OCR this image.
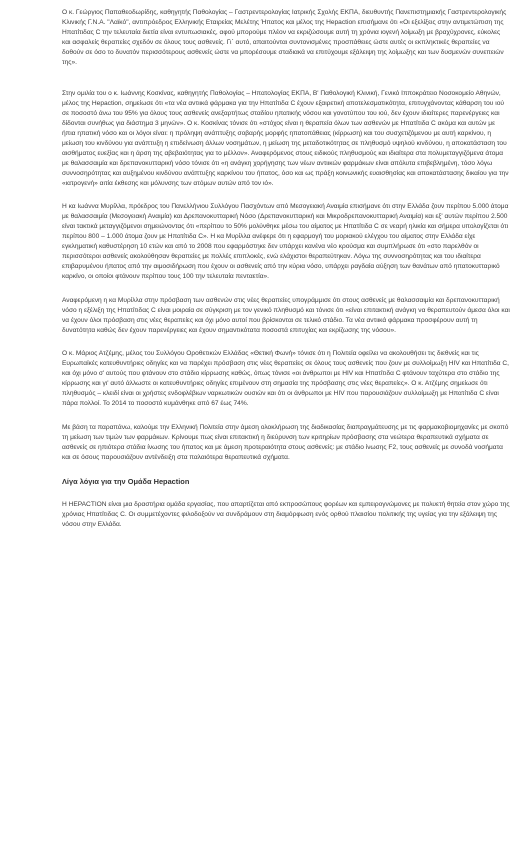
Ο κ. Γεώργιος Παπαθεοδωρίδης, καθηγητής Παθολογίας – Γαστρεντερολογίας Ιατρικής Σχολής ΕΚΠΑ, διευθυντής Πανεπιστημιακής Γαστρεντερολογικής Κλινικής Γ.Ν.Α. "Λαϊκό", αντιπρόεδρος Ελληνικής Εταιρείας Μελέτης Ήπατος και μέλος της Hepaction επισήμανε ότι «Οι εξελίξεις στην αντιμετώπιση της Ηπατίτιδας C την τελευταία διετία είναι εντυπωσιακές, αφού μπορούμε πλέον να εκριζώσουμε αυτή τη χρόνια ιογενή λοίμωξη με βραχύχρονες, εύκολες και ασφαλείς θεραπείες σχεδόν σε όλους τους ασθενείς. Γι΄ αυτό, απαιτούνται συντονισμένες προσπάθειες ώστε αυτές οι εκπληκτικές θεραπείες να δοθούν σε όσο το δυνατόν περισσότερους ασθενείς ώστε να μπορέσουμε σταδιακά να επιτύχουμε εξάλειψη της λοίμωξης και των δυσμενών συνεπειών της».

Στην ομιλία του ο κ. Ιωάννης Κοσκίνας, καθηγητής Παθολογίας – Ηπατολογίας ΕΚΠΑ, Β' Παθολογική Κλινική, Γενικό Ιπποκράτειο Νοσοκομείο Αθηνών, μέλος της Hepaction, σημείωσε ότι «τα νέα αντιικά φάρμακα για την Ηπατίτιδα C έχουν εξαιρετική αποτελεσματικότητα, επιτυγχάνοντας κάθαρση του ιού σε ποσοστό άνω του 95% για όλους τους ασθενείς ανεξαρτήτως σταδίου ηπατικής νόσου και γονοτύπου του ιού, δεν έχουν ιδιαίτερες παρενέργειες και δίδονται συνήθως για διάστημα 3 μηνών». Ο κ. Κοσκίνας τόνισε ότι «στόχος είναι η θεραπεία όλων των ασθενών με Ηπατίτιδα C ακόμα και αυτών με ήπια ηπατική νόσο και οι λόγοι είναι: η πρόληψη ανάπτυξης σοβαρής μορφής ηπατοπάθειας (κίρρωση) και του συσχετιζόμενου με αυτή καρκίνου, η μείωση του κινδύνου για ανάπτυξη η επιδείνωση άλλων νοσημάτων, η μείωση της μεταδοτικότητας σε πληθυσμό υψηλού κινδύνου, η αποκατάσταση του αισθήματος ευεξίας και η άρση της αβεβαιότητας για το μέλλον». Αναφερόμενος στους ειδικούς πληθυσμούς και ιδιαίτερα στα πολυμεταγγιζόμενα άτομα με θαλασσαιμία και δρεπανοκυτταρική νόσο τόνισε ότι «η ανάγκη χορήγησης των νέων αντιικών φαρμάκων είναι απόλυτα επιβεβλημένη, τόσο λόγω συννοσηρότητας και αυξημένου κινδύνου ανάπτυξης καρκίνου του ήπατος, όσο και ως πράξη κοινωνικής ευαισθησίας και αποκατάστασης δικαίου για την «ιατρογενή» αιτία έκθεσης και μόλυνσης των ατόμων αυτών από τον ιό».

Η κα Ιωάννα Μυρίλλα, πρόεδρος του Πανελλήνιου Συλλόγου Πασχόντων από Μεσογειακή Αναιμία επισήμανε ότι στην Ελλάδα ζουν περίπου 5.000 άτομα με θαλασσαιμία (Μεσογειακή Αναιμία) και Δρεπανοκυτταρική Νόσο (Δρεπανοκυτταρική και Μικροδρεπανοκυτταρική Αναιμία) και εξ' αυτών περίπου 2.500 είναι τακτικά μεταγγιζόμενοι σημειώνοντας ότι «περίπου το 50% μολύνθηκε μέσω του αίματος με Ηπατίτιδα C σε νεαρή ηλικία και σήμερα υπολογίζεται ότι περίπου 800 – 1.000 άτομα ζουν με Ηπατίτιδα C». Η κα Μυρίλλα ανέφερε ότι η εφαρμογή του μοριακού ελέγχου του αίματος στην Ελλάδα είχε εγκληματική καθυστέρηση 10 ετών και από το 2008 που εφαρμόστηκε δεν υπάρχει κανένα νέο κρούσμα και συμπλήρωσε ότι «στο παρελθόν οι περισσότεροι ασθενείς ακολούθησαν θεραπείες με πολλές επιπλοκές, ενώ ελάχιστοι θεραπεύτηκαν. Λόγω της συννοσηρότητας και του ιδιαίτερα επιβαρυμένου ήπατος από την αιμοσιδήρωση που έχουν οι ασθενείς από την κύρια νόσο, υπάρχει ραγδαία αύξηση των θανάτων από ηπατοκυτταρικό καρκίνο, οι οποίοι φτάνουν περίπου τους 100 την τελευταία πενταετία».

Αναφερόμενη η κα Μυρίλλα στην πρόσβαση των ασθενών στις νέες θεραπείες υπογράμμισε ότι στους ασθενείς με θαλασσαιμία και δρεπανοκυτταρική νόσο η εξέλιξη της Ηπατίτιδας C είναι μοιραία σε σύγκριση με τον γενικό πληθυσμό και τόνισε ότι «είναι επιτακτική ανάγκη να θεραπευτούν άμεσα όλοι και να έχουν όλοι πρόσβαση στις νέες θεραπείες και όχι μόνο αυτοί που βρίσκονται σε τελικό στάδιο. Τα νέα αντιικά φάρμακα προσφέρουν αυτή τη δυνατότητα καθώς δεν έχουν παρενέργειες και έχουν σημαντικότατα ποσοστά επιτυχίας και εκρίζωσης της νόσου».

Ο κ. Μάριος Ατζέμης, μέλος του Συλλόγου Οροθετικών Ελλάδας «Θετική Φωνή» τόνισε ότι η Πολιτεία οφείλει να ακολουθήσει τις διεθνείς και τις Ευρωπαϊκές κατευθυντήριες οδηγίες και να παρέχει πρόσβαση στις νέες θεραπείες σε όλους τους ασθενείς που ζουν με συλλοίμωξη HIV και Ηπατίτιδα C, και όχι μόνο σ' αυτούς που φτάνουν στο στάδιο κίρρωσης καθώς, όπως τόνισε «οι άνθρωποι με HIV και Ηπατίτιδα C φτάνουν ταχύτερα στο στάδιο της κίρρωσης και γι' αυτό άλλωστε οι κατευθυντήριες οδηγίες επιμένουν στη σημασία της πρόσβασης στις νέες θεραπείες». Ο κ. Ατζέμης σημείωσε ότι πληθυσμός – κλειδί είναι οι χρήστες ενδοφλέβιων ναρκωτικών ουσιών και ότι οι άνθρωποι με HIV που παρουσιάζουν συλλοίμωξη με Ηπατίτιδα C είναι πάρα πολλοί. Το 2014 το ποσοστό κυμάνθηκε από 67 έως 74%.

Με βάση τα παραπάνω, καλούμε την Ελληνική Πολιτεία στην άμεση ολοκλήρωση της διαδικασίας διαπραγμάτευσης με τις φαρμακοβιομηχανίες με σκοπό τη μείωση των τιμών των φαρμάκων. Κρίνουμε πως είναι επιτακτική η διεύρυνση των κριτηρίων πρόσβασης στα νεώτερα θεραπευτικά σχήματα σε ασθενείς σε ηπιότερα στάδια ίνωσης του ήπατος και με άμεση προτεραιότητα στους ασθενείς: με στάδιο ίνωσης F2, τους ασθενείς με συνοδά νοσήματα και σε όσους παρουσιάζουν αντένδειξη στα παλαιότερα θεραπευτικά σχήματα.

Λίγα λόγια για την Ομάδα Hepaction

Η HEPACTION είναι μια δραστήρια ομάδα εργασίας, που απαρτίζεται από εκπροσώπους φορέων και εμπειρογνώμονες με πολυετή θητεία στον χώρο της χρόνιας Ηπατίτιδας C. Οι συμμετέχοντες φιλοδοξούν να συνδράμουν στη διαμόρφωση ενός ορθού πλαισίου πολιτικής της υγείας για την εξάλειψη της νόσου στην Ελλάδα.
